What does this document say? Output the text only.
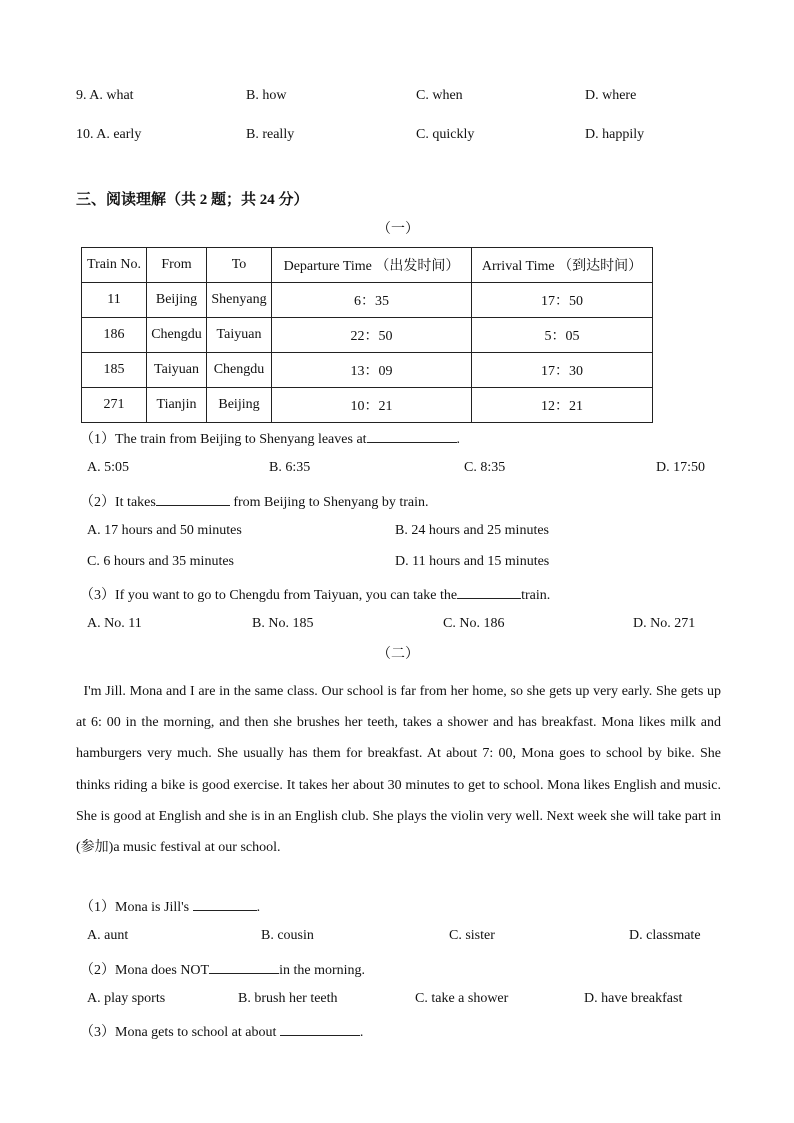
9. A. what	B. how	C. when	D. where
10. A. early	B. really	C. quickly	D. happily
三、阅读理解（共 2 题；共 24 分）
（一）
Train No.	From	To	Departure Time （出发时间）	Arrival Time （到达时间）
11	Beijing	Shenyang	6：35	17：50
186	Chengdu	Taiyuan	22：50	5：05
185	Taiyuan	Chengdu	13：09	17：30
271	Tianjin	Beijing	10：21	12：21
（1）The train from Beijing to Shenyang leaves at	.
A. 5:05	B. 6:35	C. 8:35	D. 17:50
（2）It takes	from Beijing to Shenyang by train.
A. 17 hours and 50 minutes	B. 24 hours and 25 minutes
C. 6 hours and 35 minutes	D. 11 hours and 15 minutes
（3）If you want to go to Chengdu from Taiyuan, you can take the	train.
A. No. 11	B. No. 185	C. No. 186	D. No. 271
（二）
I'm Jill. Mona and I are in the same class. Our school is far from her home, so she gets up very early. She gets up at 6: 00 in the morning, and then she brushes her teeth, takes a shower and has breakfast. Mona likes milk and hamburgers very much. She usually has them for breakfast. At about 7: 00, Mona goes to school by bike. She thinks riding a bike is good exercise. It takes her about 30 minutes to get to school. Mona likes English and music. She is good at English and she is in an English club. She plays the violin very well. Next week she will take part in (参加)a music festival at our school.
（1）Mona is Jill's	.
A. aunt	B. cousin	C. sister	D. classmate
（2）Mona does NOT	in the morning.
A. play sports	B. brush her teeth	C. take a shower	D. have breakfast
（3）Mona gets to school at about	.
